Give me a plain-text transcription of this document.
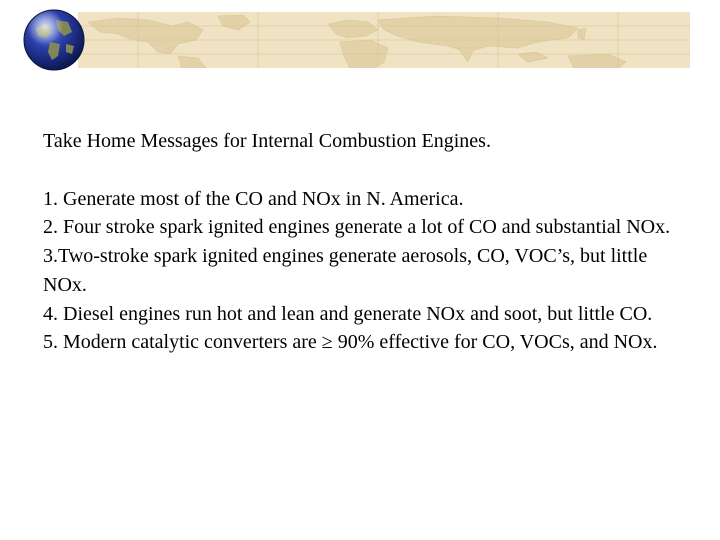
Take Home Messages for Internal Combustion Engines.

1. Generate most of the CO and NOx in N. America.

2. Four stroke spark ignited engines generate a lot of CO and substantial NOx.

3.Two-stroke spark ignited engines generate aerosols, CO, VOC’s, but little NOx.

4. Diesel engines run hot and lean and generate NOx and soot, but little CO.

5. Modern catalytic converters are ≥ 90% effective for CO, VOCs, and NOx.
